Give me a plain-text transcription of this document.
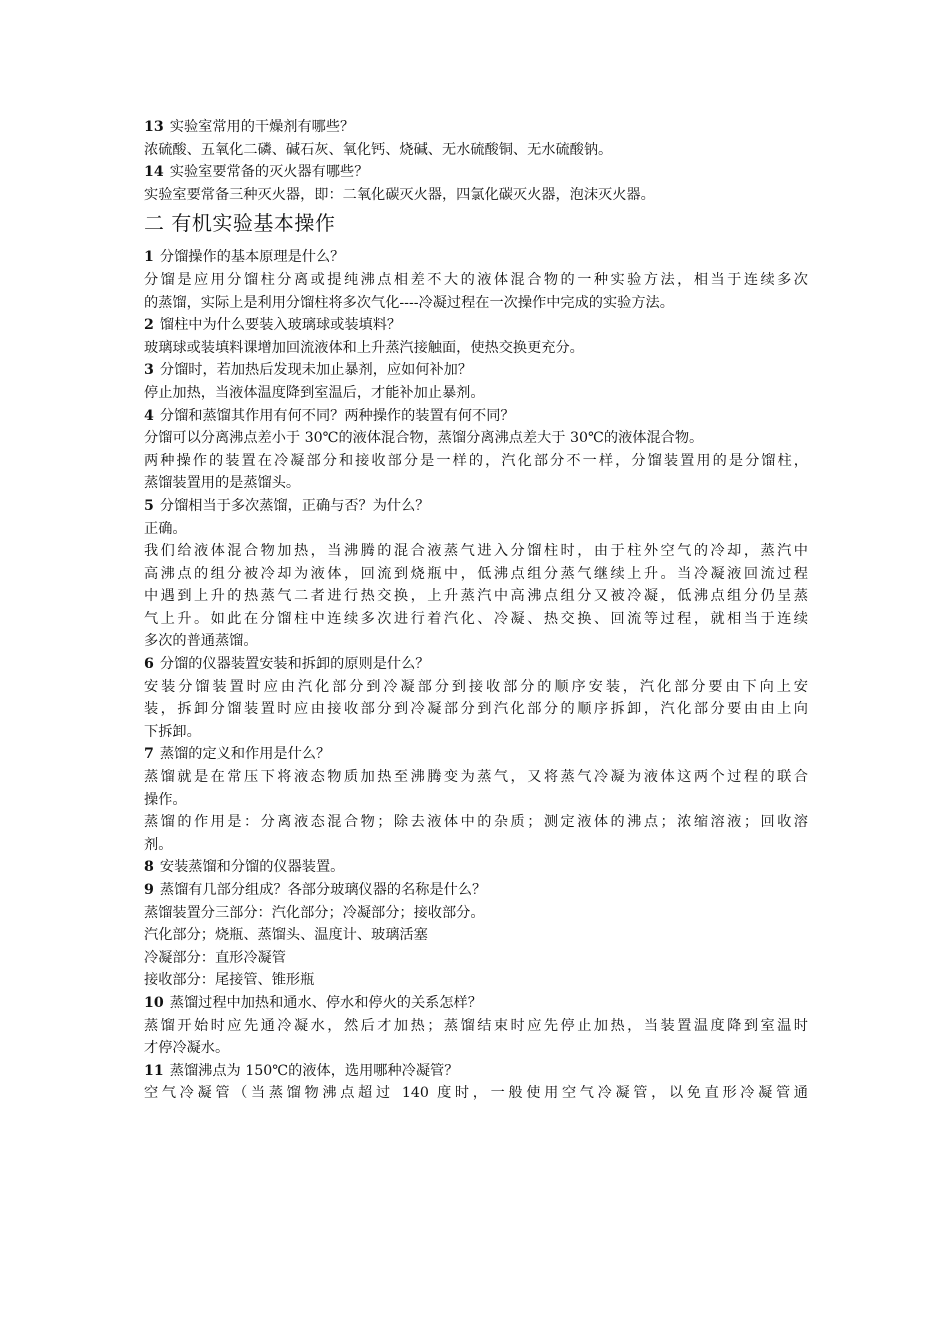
13 实验室常用的干燥剂有哪些？
浓硫酸、五氧化二磷、碱石灰、氧化钙、烧碱、无水硫酸铜、无水硫酸钠。
14 实验室要常备的灭火器有哪些？
实验室要常备三种灭火器，即：二氧化碳灭火器，四氯化碳灭火器，泡沫灭火器。
二 有机实验基本操作
1 分馏操作的基本原理是什么？
分馏是应用分馏柱分离或提纯沸点相差不大的液体混合物的一种实验方法，相当于连续多次
的蒸馏，实际上是利用分馏柱将多次气化----冷凝过程在一次操作中完成的实验方法。
2 馏柱中为什么要装入玻璃球或装填料？
玻璃球或装填料课增加回流液体和上升蒸汽接触面，使热交换更充分。
3 分馏时，若加热后发现未加止暴剂，应如何补加？
停止加热，当液体温度降到室温后，才能补加止暴剂。
4 分馏和蒸馏其作用有何不同？两种操作的装置有何不同？
分馏可以分离沸点差小于 30℃的液体混合物，蒸馏分离沸点差大于 30℃的液体混合物。
两种操作的装置在冷凝部分和接收部分是一样的，汽化部分不一样，分馏装置用的是分馏柱，
蒸馏装置用的是蒸馏头。
5 分馏相当于多次蒸馏，正确与否？为什么？
正确。
我们给液体混合物加热，当沸腾的混合液蒸气进入分馏柱时，由于柱外空气的冷却，蒸汽中
高沸点的组分被冷却为液体，回流到烧瓶中，低沸点组分蒸气继续上升。当冷凝液回流过程
中遇到上升的热蒸气二者进行热交换，上升蒸汽中高沸点组分又被冷凝，低沸点组分仍呈蒸
气上升。如此在分馏柱中连续多次进行着汽化、冷凝、热交换、回流等过程，就相当于连续
多次的普通蒸馏。
6 分馏的仪器装置安装和拆卸的原则是什么？
安装分馏装置时应由汽化部分到冷凝部分到接收部分的顺序安装，汽化部分要由下向上安
装，拆卸分馏装置时应由接收部分到冷凝部分到汽化部分的顺序拆卸，汽化部分要由由上向
下拆卸。
7 蒸馏的定义和作用是什么？
蒸馏就是在常压下将液态物质加热至沸腾变为蒸气，又将蒸气冷凝为液体这两个过程的联合
操作。
蒸馏的作用是：分离液态混合物；除去液体中的杂质；测定液体的沸点；浓缩溶液；回收溶
剂。
8 安装蒸馏和分馏的仪器装置。
9 蒸馏有几部分组成？各部分玻璃仪器的名称是什么？
蒸馏装置分三部分：汽化部分；冷凝部分；接收部分。
汽化部分；烧瓶、蒸馏头、温度计、玻璃活塞
冷凝部分：直形冷凝管
接收部分：尾接管、锥形瓶
10 蒸馏过程中加热和通水、停水和停火的关系怎样？
蒸馏开始时应先通冷凝水，然后才加热；蒸馏结束时应先停止加热，当装置温度降到室温时
才停冷凝水。
11 蒸馏沸点为 150℃的液体，选用哪种冷凝管？
空气冷凝管（当蒸馏物沸点超过 140 度时，一般使用空气冷凝管，以免直形冷凝管通
